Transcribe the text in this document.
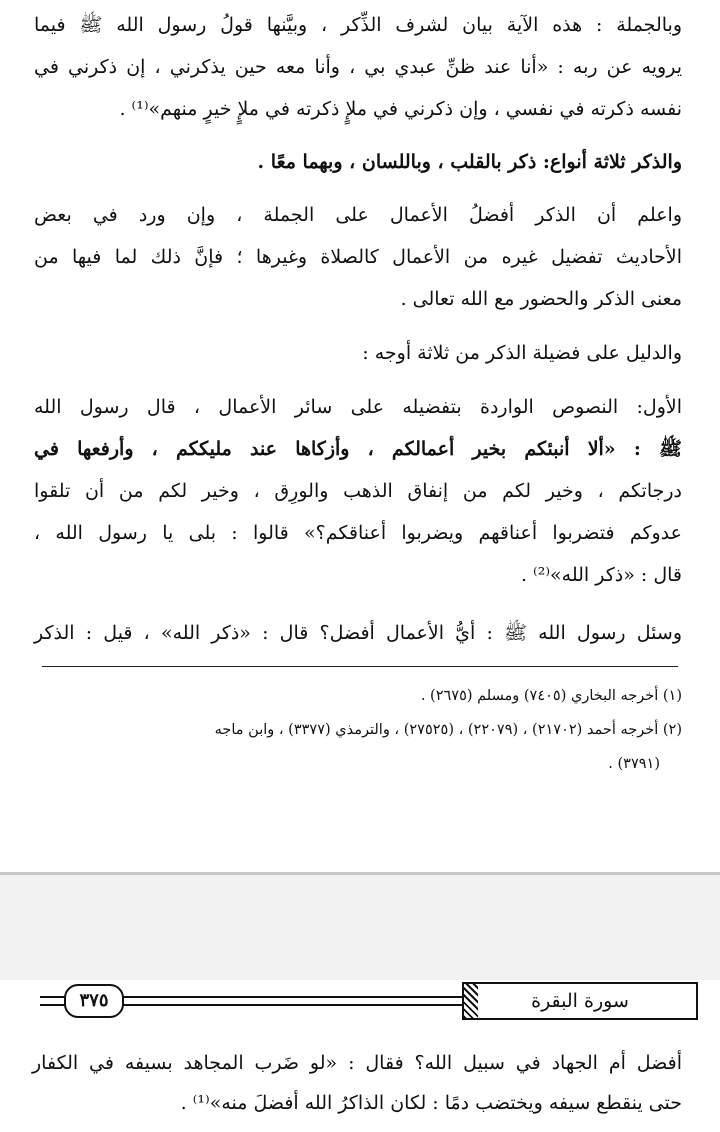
وبالجملة : هذه الآية بيان لشرف الذِّكر ، وبيَّنها قولُ رسول الله ﷺ فيما
يرويه عن ربه : «أنا عند ظنِّ عبدي بي ، وأنا معه حين يذكرني ، إن ذكرني في
نفسه ذكرته في نفسي ، وإن ذكرني في ملإٍ ذكرته في ملإٍ خيرٍ منهم»⁽¹⁾ .
والذكر ثلاثة أنواع: ذكر بالقلب ، وباللسان ، وبهما معًا .
واعلم أن الذكر أفضلُ الأعمال على الجملة ، وإن ورد في بعض
الأحاديث تفضيل غيره من الأعمال كالصلاة وغيرها ؛ فإنَّ ذلك لما فيها من
معنى الذكر والحضور مع الله تعالى .
والدليل على فضيلة الذكر من ثلاثة أوجه :
الأول: النصوص الواردة بتفضيله على سائر الأعمال ، قال رسول الله
ﷺ : «ألا أنبئكم بخير أعمالكم ، وأزكاها عند مليككم ، وأرفعها في
درجاتكم ، وخير لكم من إنفاق الذهب والورِق ، وخير لكم من أن تلقوا
عدوكم فتضربوا أعناقهم ويضربوا أعناقكم؟» قالوا : بلى يا رسول الله ،
قال : «ذكر الله»⁽²⁾ .
وسئل رسول الله ﷺ : أيُّ الأعمال أفضل؟ قال : «ذكر الله» ، قيل : الذكر
(١) أخرجه البخاري (٧٤٠٥) ومسلم (٢٦٧٥) .
(٢) أخرجه أحمد (٢١٧٠٢) ، (٢٢٠٧٩) ، (٢٧٥٢٥) ، والترمذي (٣٣٧٧) ، وابن ماجه
(٣٧٩١) .
٣٧٥	سورة البقرة
أفضل أم الجهاد في سبيل الله؟ فقال : «لو ضَرب المجاهد بسيفه في الكفار
حتى ينقطع سيفه ويختضب دمًا : لكان الذاكرُ الله أفضلَ منه»⁽¹⁾ .
